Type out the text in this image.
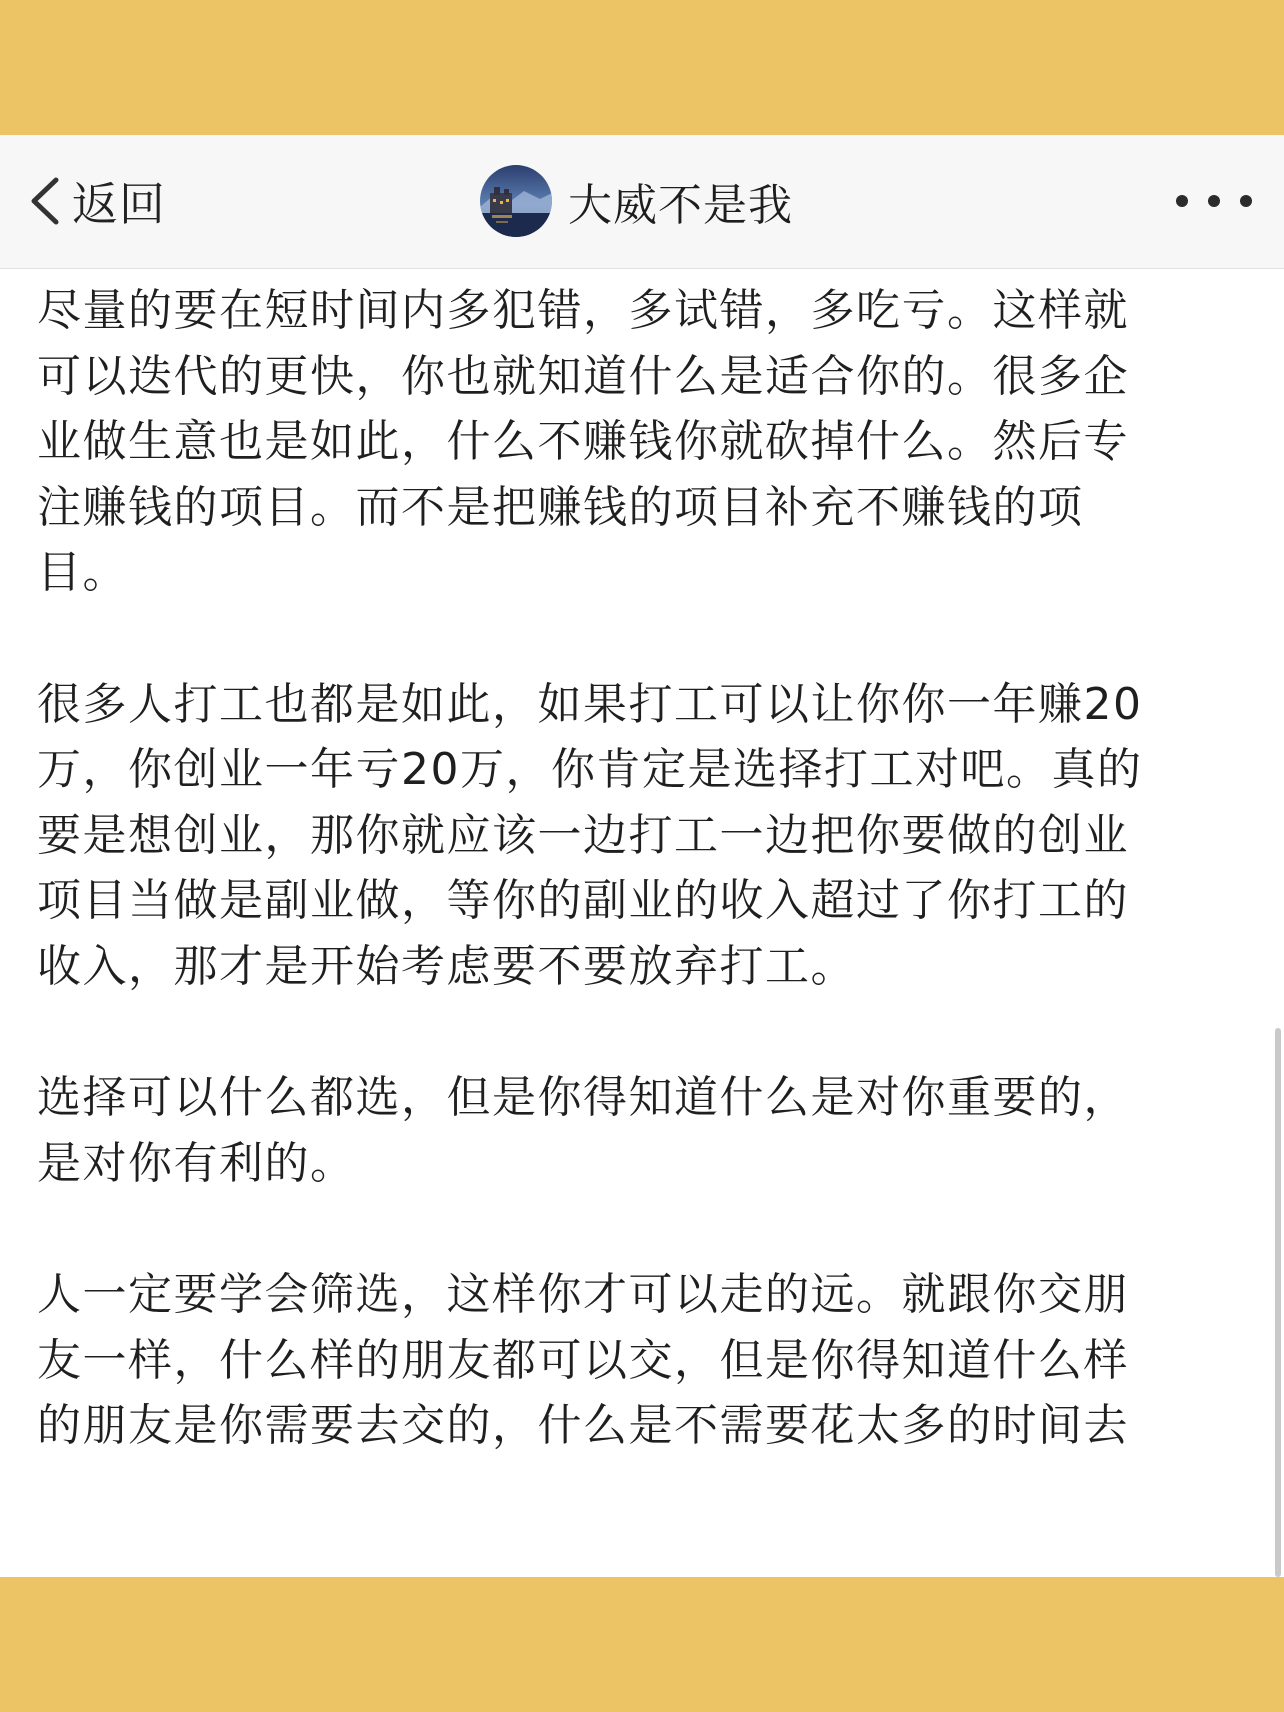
返回	大威不是我

尽量的要在短时间内多犯错，多试错，多吃亏。这样就
可以迭代的更快，你也就知道什么是适合你的。很多企
业做生意也是如此，什么不赚钱你就砍掉什么。然后专
注赚钱的项目。而不是把赚钱的项目补充不赚钱的项
目。

很多人打工也都是如此，如果打工可以让你你一年赚20
万，你创业一年亏20万，你肯定是选择打工对吧。真的
要是想创业，那你就应该一边打工一边把你要做的创业
项目当做是副业做，等你的副业的收入超过了你打工的
收入，那才是开始考虑要不要放弃打工。

选择可以什么都选，但是你得知道什么是对你重要的，
是对你有利的。

人一定要学会筛选，这样你才可以走的远。就跟你交朋
友一样，什么样的朋友都可以交，但是你得知道什么样
的朋友是你需要去交的，什么是不需要花太多的时间去
